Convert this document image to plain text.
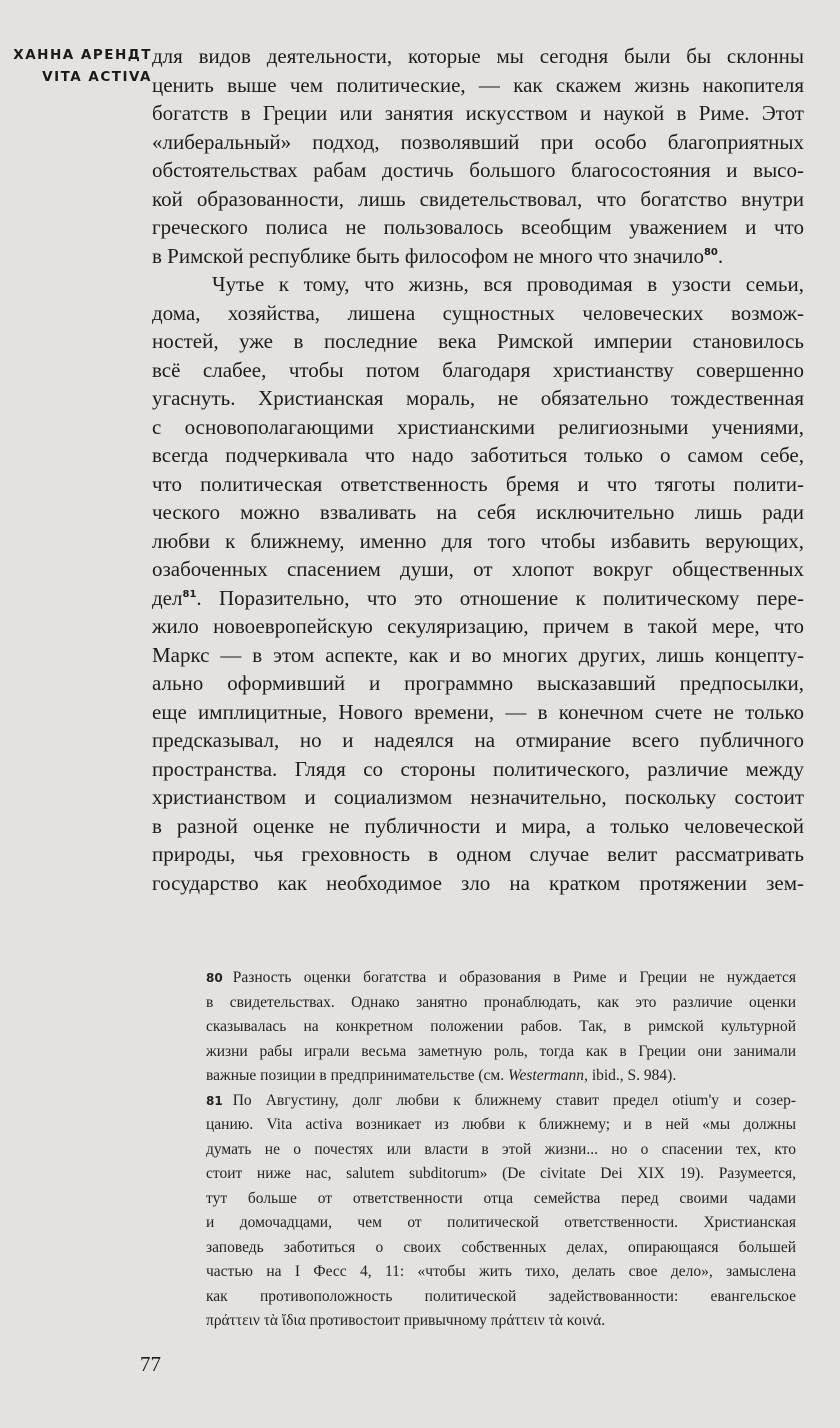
ХАННА АРЕНДТ
VITA ACTIVA
для видов деятельности, которые мы сегодня были бы склонны
ценить выше чем политические, — как скажем жизнь накопителя
богатств в Греции или занятия искусством и наукой в Риме. Этот
«либеральный» подход, позволявший при особо благоприятных
обстоятельствах рабам достичь большого благосостояния и высо-
кой образованности, лишь свидетельствовал, что богатство внутри
греческого полиса не пользовалось всеобщим уважением и что
в Римской республике быть философом не много что значило$^{80}$.
Чутье к тому, что жизнь, вся проводимая в узости семьи,
дома, хозяйства, лишена сущностных человеческих возмож-
ностей, уже в последние века Римской империи становилось
всё слабее, чтобы потом благодаря христианству совершенно
угаснуть. Христианская мораль, не обязательно тождественная
с основополагающими христианскими религиозными учениями,
всегда подчеркивала что надо заботиться только о самом себе,
что политическая ответственность бремя и что тяготы полити-
ческого можно взваливать на себя исключительно лишь ради
любви к ближнему, именно для того чтобы избавить верующих,
озабоченных спасением души, от хлопот вокруг общественных
дел$^{81}$. Поразительно, что это отношение к политическому пере-
жило новоевропейскую секуляризацию, причем в такой мере, что
Маркс — в этом аспекте, как и во многих других, лишь концепту-
ально оформивший и программно высказавший предпосылки,
еще имплицитные, Нового времени, — в конечном счете не только
предсказывал, но и надеялся на отмирание всего публичного
пространства. Глядя со стороны политического, различие между
христианством и социализмом незначительно, поскольку состоит
в разной оценке не публичности и мира, а только человеческой
природы, чья греховность в одном случае велит рассматривать
государство как необходимое зло на кратком протяжении зем-
80 Разность оценки богатства и образования в Риме и Греции не нуждается
в свидетельствах. Однако занятно пронаблюдать, как это различие оценки
сказывалась на конкретном положении рабов. Так, в римской культурной
жизни рабы играли весьма заметную роль, тогда как в Греции они занимали
важные позиции в предпринимательстве (см. Westermann, ibid., S. 984).
81 По Августину, долг любви к ближнему ставит предел otium'у и созер-
цанию. Vita activa возникает из любви к ближнему; и в ней «мы должны
думать не о почестях или власти в этой жизни... но о спасении тех, кто
стоит ниже нас, salutem subditorum» (De civitate Dei XIX 19). Разумеется,
тут больше от ответственности отца семейства перед своими чадами
и домочадцами, чем от политической ответственности. Христианская
заповедь заботиться о своих собственных делах, опирающаяся большей
частью на I Фесс 4, 11: «чтобы жить тихо, делать свое дело», замыслена
как противоположность политической задействованности: евангельское
πράττειν τὰ ἴδια противостоит привычному πράττειν τὰ κοινά.
77
